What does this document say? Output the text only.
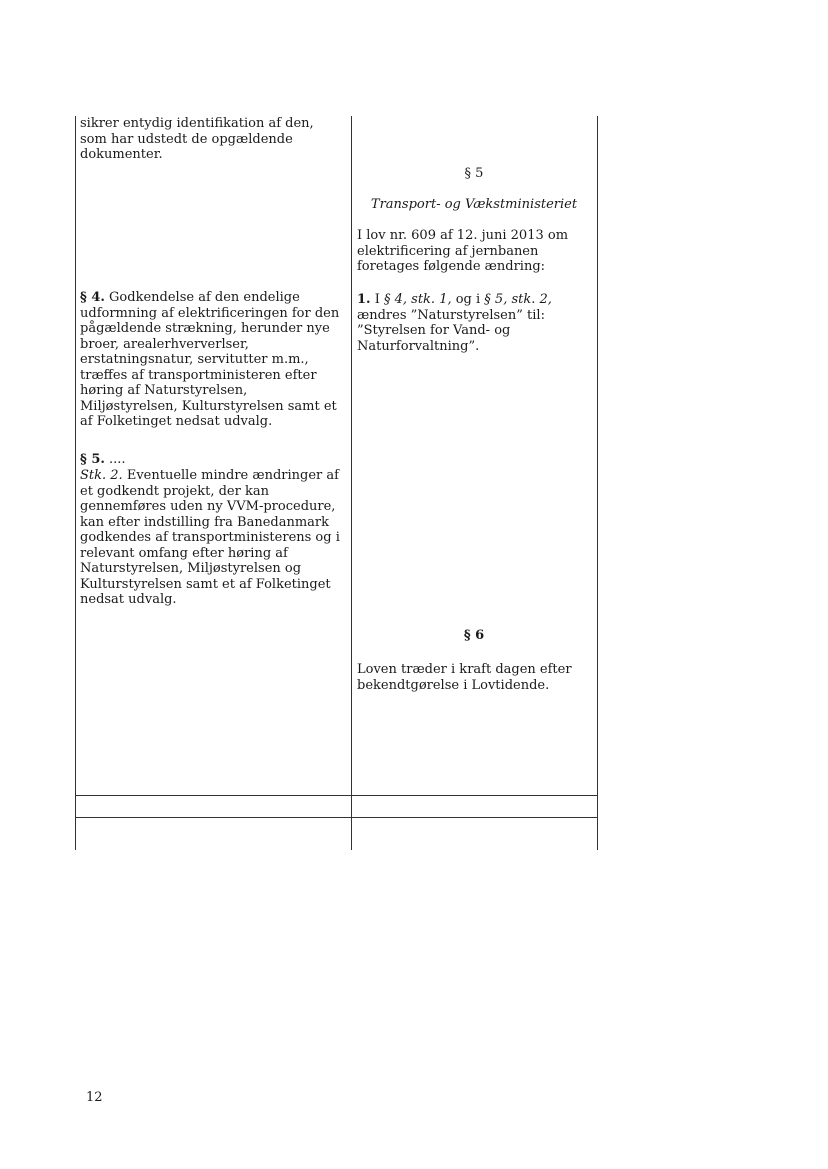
sikrer entydig identifikation af den, som har udstedt de opgældende dokumenter.

§ 4. Godkendelse af den endelige udformning af elektrificeringen for den pågældende strækning, herunder nye broer, arealerhververlser, erstatningsnatur, servitutter m.m., træffes af transportministeren efter høring af Naturstyrelsen, Miljøstyrelsen, Kulturstyrelsen samt et af Folketinget nedsat udvalg.

§ 5. ....

Stk. 2. Eventuelle mindre ændringer af et godkendt projekt, der kan gennemføres uden ny VVM-procedure, kan efter indstilling fra Banedanmark godkendes af transportministerens og i relevant omfang efter høring af Naturstyrelsen, Miljøstyrelsen og Kulturstyrelsen samt et af Folketinget nedsat udvalg.

§ 5

Transport- og Vækstministeriet

I lov nr. 609 af 12. juni 2013 om elektrificering af jernbanen foretages følgende ændring:

1. I § 4, stk. 1, og i § 5, stk. 2, ændres ”Naturstyrelsen” til: ”Styrelsen for Vand- og Naturforvaltning”.

§ 6

Loven træder i kraft dagen efter bekendtgørelse i Lovtidende.

12
